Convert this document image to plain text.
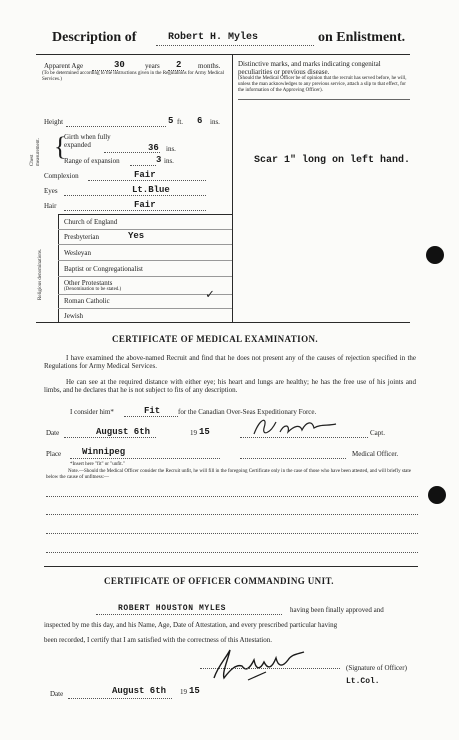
Description of	Robert H. Myles	on Enlistment.
Apparent Age	30	years 2 months.
(To be determined according to the instructions given in the Regulations for Army Medical Services.)
Height	5 ft. 6 ins.
Chest measurement. {
Girth when fully expanded	36 ins.
Range of expansion	3 ins.
Complexion	Fair
Eyes	Lt.Blue
Hair	Fair
Religious denominations.
Church of England
Presbyterian	Yes
Wesleyan
Baptist or Congregationalist
Other Protestants
(Denomination to be stated.)
Roman Catholic	✓
Jewish
Distinctive marks, and marks indicating congenital peculiarities or previous disease.
(Should the Medical Officer be of opinion that the recruit has served before, he will, unless the man acknowledges to any previous service, attach a slip to that effect, for the information of the Approving Officer).
Scar 1" long on left hand.
CERTIFICATE OF MEDICAL EXAMINATION.
I have examined the above-named Recruit and find that he does not present any of the causes of rejection specified in the Regulations for Army Medical Services.
He can see at the required distance with either eye; his heart and lungs are healthy; he has the free use of his joints and limbs, and he declares that he is not subject to fits of any description.
I consider him*	Fit	for the Canadian Over-Seas Expeditionary Force.
Date	August 6th	19 15	Capt.
Place Winnipeg	Medical Officer.
*Insert here "fit" or "unfit."
Note.—Should the Medical Officer consider the Recruit unfit, he will fill in the foregoing Certificate only in the case of those who have been attested, and will briefly state below the cause of unfitness:—
CERTIFICATE OF OFFICER COMMANDING UNIT.
ROBERT HOUSTON MYLES	having been finally approved and
inspected by me this day, and his Name, Age, Date of Attestation, and every prescribed particular having
been recorded, I certify that I am satisfied with the correctness of this Attestation.
(Signature of Officer)
Lt.Col.
Date	August 6th 19 15
